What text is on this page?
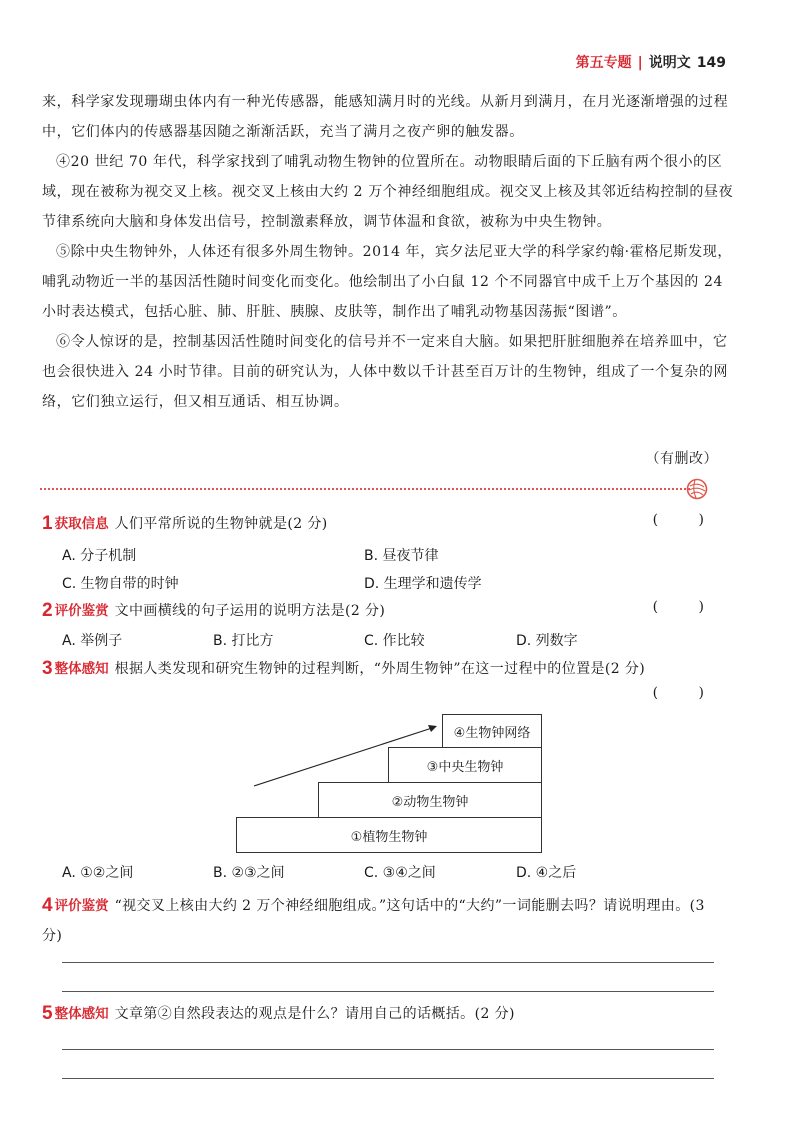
第五专题 | 说明文 149

来，科学家发现珊瑚虫体内有一种光传感器，能感知满月时的光线。从新月到满月，在月光逐渐增强的过程中，它们体内的传感器基因随之渐渐活跃，充当了满月之夜产卵的触发器。

④20 世纪 70 年代，科学家找到了哺乳动物生物钟的位置所在。动物眼睛后面的下丘脑有两个很小的区域，现在被称为视交叉上核。视交叉上核由大约 2 万个神经细胞组成。视交叉上核及其邻近结构控制的昼夜节律系统向大脑和身体发出信号，控制激素释放，调节体温和食欲，被称为中央生物钟。

⑤除中央生物钟外，人体还有很多外周生物钟。2014 年，宾夕法尼亚大学的科学家约翰·霍格尼斯发现，哺乳动物近一半的基因活性随时间变化而变化。他绘制出了小白鼠 12 个不同器官中成千上万个基因的 24 小时表达模式，包括心脏、肺、肝脏、胰腺、皮肤等，制作出了哺乳动物基因荡振“图谱”。

⑥令人惊讶的是，控制基因活性随时间变化的信号并不一定来自大脑。如果把肝脏细胞养在培养皿中，它也会很快进入 24 小时节律。目前的研究认为，人体中数以千计甚至百万计的生物钟，组成了一个复杂的网络，它们独立运行，但又相互通话、相互协调。

（有删改）
1 获取信息 人们平常所说的生物钟就是(2 分)	( )
A. 分子机制	B. 昼夜节律
C. 生物自带的时钟	D. 生理学和遗传学
2 评价鉴赏 文中画横线的句子运用的说明方法是(2 分)	( )
A. 举例子	B. 打比方	C. 作比较	D. 列数字
3 整体感知 根据人类发现和研究生物钟的过程判断，“外周生物钟”在这一过程中的位置是(2 分)
( )
④生物钟网络
③中央生物钟
②动物生物钟
①植物生物钟
A. ①②之间	B. ②③之间	C. ③④之间	D. ④之后
4 评价鉴赏 “视交叉上核由大约 2 万个神经细胞组成。”这句话中的“大约”一词能删去吗？请说明理由。(3 分)
5 整体感知 文章第②自然段表达的观点是什么？请用自己的话概括。(2 分)
